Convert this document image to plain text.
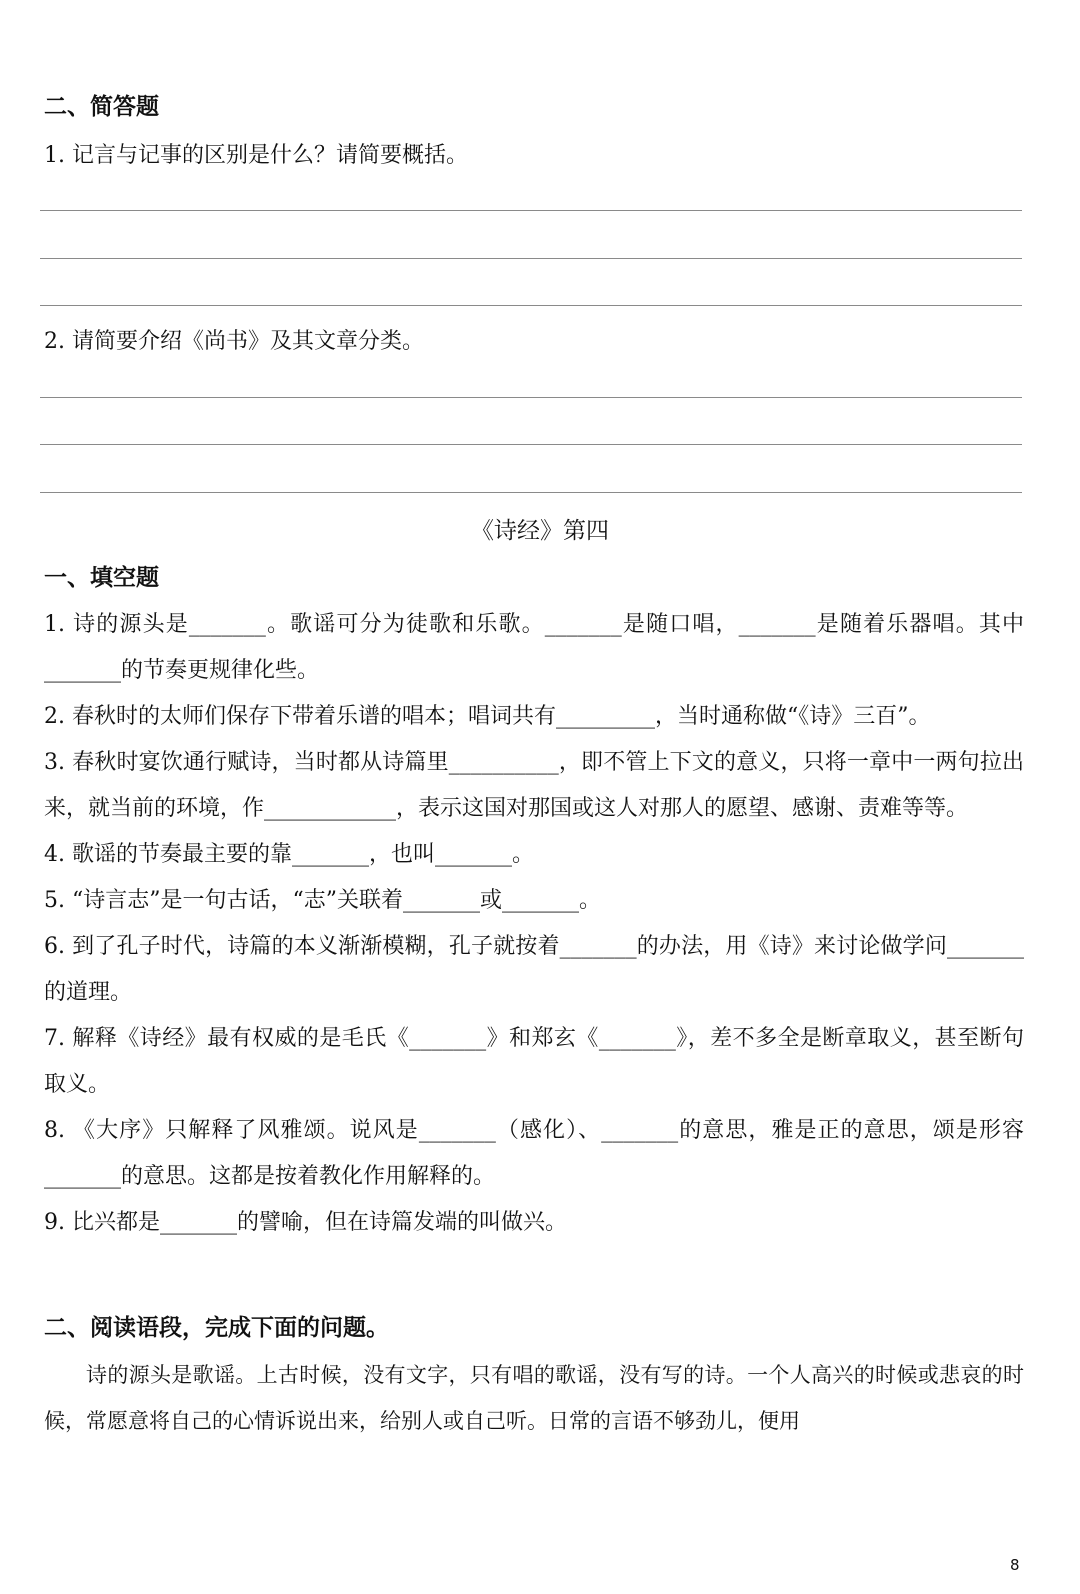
二、简答题
1. 记言与记事的区别是什么？请简要概括。
2. 请简要介绍《尚书》及其文章分类。
《诗经》第四
一、填空题

1. 诗的源头是_______。歌谣可分为徒歌和乐歌。_______是随口唱，_______是随着乐器唱。其中_______的节奏更规律化些。

2. 春秋时的太师们保存下带着乐谱的唱本；唱词共有_________，当时通称做“《诗》三百”。

3. 春秋时宴饮通行赋诗，当时都从诗篇里__________，即不管上下文的意义，只将一章中一两句拉出来，就当前的环境，作____________，表示这国对那国或这人对那人的愿望、感谢、责难等等。

4. 歌谣的节奏最主要的靠_______，也叫_______。

5. “诗言志”是一句古话，“志”关联着_______或_______。

6. 到了孔子时代，诗篇的本义渐渐模糊，孔子就按着_______的办法，用《诗》来讨论做学问_______的道理。

7. 解释《诗经》最有权威的是毛氏《_______》和郑玄《_______》，差不多全是断章取义，甚至断句取义。

8. 《大序》只解释了风雅颂。说风是_______（感化）、_______的意思，雅是正的意思，颂是形容_______的意思。这都是按着教化作用解释的。

9. 比兴都是_______的譬喻，但在诗篇发端的叫做兴。

二、阅读语段，完成下面的问题。
诗的源头是歌谣。上古时候，没有文字，只有唱的歌谣，没有写的诗。一个人高兴的时候或悲哀的时候，常愿意将自己的心情诉说出来，给别人或自己听。日常的言语不够劲儿，便用
8
